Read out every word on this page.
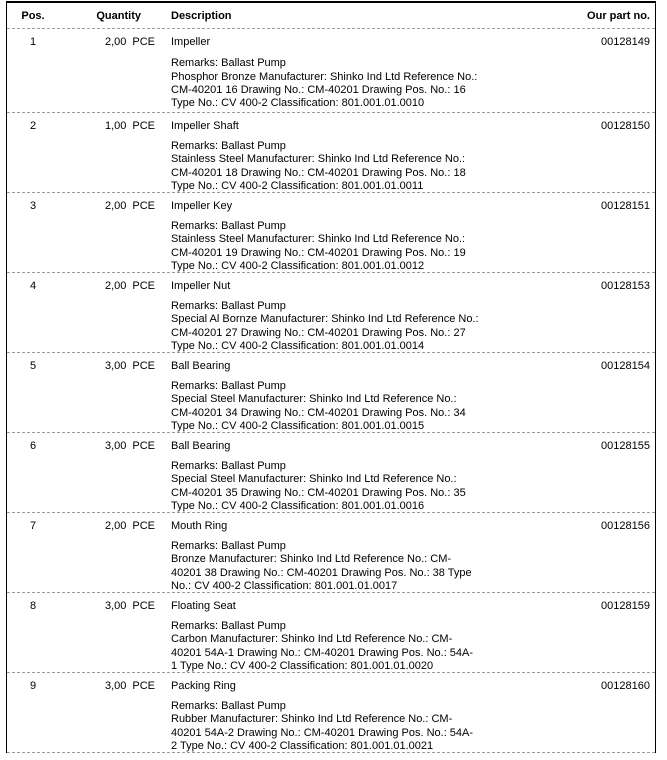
Pos.	Quantity	Description	Our part no.
1	2,00 PCE	Impeller	00128149
Remarks: Ballast Pump
Phosphor Bronze Manufacturer: Shinko Ind Ltd Reference No.:
CM-40201 16 Drawing No.: CM-40201 Drawing Pos. No.: 16
Type No.: CV 400-2 Classification: 801.001.01.0010
2	1,00 PCE	Impeller Shaft	00128150
Remarks: Ballast Pump
Stainless Steel Manufacturer: Shinko Ind Ltd Reference No.:
CM-40201 18 Drawing No.: CM-40201 Drawing Pos. No.: 18
Type No.: CV 400-2 Classification: 801.001.01.0011
3	2,00 PCE	Impeller Key	00128151
Remarks: Ballast Pump
Stainless Steel Manufacturer: Shinko Ind Ltd Reference No.:
CM-40201 19 Drawing No.: CM-40201 Drawing Pos. No.: 19
Type No.: CV 400-2 Classification: 801.001.01.0012
4	2,00 PCE	Impeller Nut	00128153
Remarks: Ballast Pump
Special Al Bornze Manufacturer: Shinko Ind Ltd Reference No.:
CM-40201 27 Drawing No.: CM-40201 Drawing Pos. No.: 27
Type No.: CV 400-2 Classification: 801.001.01.0014
5	3,00 PCE	Ball Bearing	00128154
Remarks: Ballast Pump
Special Steel Manufacturer: Shinko Ind Ltd Reference No.:
CM-40201 34 Drawing No.: CM-40201 Drawing Pos. No.: 34
Type No.: CV 400-2 Classification: 801.001.01.0015
6	3,00 PCE	Ball Bearing	00128155
Remarks: Ballast Pump
Special Steel Manufacturer: Shinko Ind Ltd Reference No.:
CM-40201 35 Drawing No.: CM-40201 Drawing Pos. No.: 35
Type No.: CV 400-2 Classification: 801.001.01.0016
7	2,00 PCE	Mouth Ring	00128156
Remarks: Ballast Pump
Bronze Manufacturer: Shinko Ind Ltd Reference No.: CM-
40201 38 Drawing No.: CM-40201 Drawing Pos. No.: 38 Type
No.: CV 400-2 Classification: 801.001.01.0017
8	3,00 PCE	Floating Seat	00128159
Remarks: Ballast Pump
Carbon Manufacturer: Shinko Ind Ltd Reference No.: CM-
40201 54A-1 Drawing No.: CM-40201 Drawing Pos. No.: 54A-
1 Type No.: CV 400-2 Classification: 801.001.01.0020
9	3,00 PCE	Packing Ring	00128160
Remarks: Ballast Pump
Rubber Manufacturer: Shinko Ind Ltd Reference No.: CM-
40201 54A-2 Drawing No.: CM-40201 Drawing Pos. No.: 54A-
2 Type No.: CV 400-2 Classification: 801.001.01.0021
